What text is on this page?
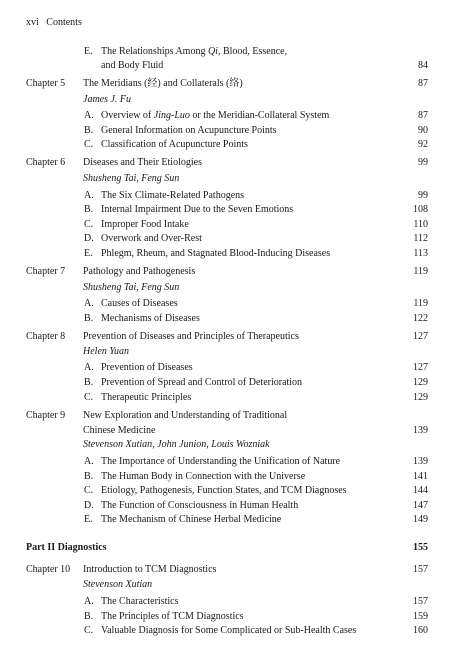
xvi Contents
E. The Relationships Among Qi, Blood, Essence,
and Body Fluid	84
Chapter 5 The Meridians (经) and Collaterals (络)	87
James J. Fu
A. Overview of Jing-Luo or the Meridian-Collateral System	87
B. General Information on Acupuncture Points	90
C. Classification of Acupuncture Points	92
Chapter 6 Diseases and Their Etiologies	99
Shusheng Tai, Feng Sun
A. The Six Climate-Related Pathogens	99
B. Internal Impairment Due to the Seven Emotions	108
C. Improper Food Intake	110
D. Overwork and Over-Rest	112
E. Phlegm, Rheum, and Stagnated Blood-Inducing Diseases	113
Chapter 7 Pathology and Pathogenesis	119
Shusheng Tai, Feng Sun
A. Causes of Diseases	119
B. Mechanisms of Diseases	122
Chapter 8 Prevention of Diseases and Principles of Therapeutics	127
Helen Yuan
A. Prevention of Diseases	127
B. Prevention of Spread and Control of Deterioration	129
C. Therapeutic Principles	129
Chapter 9 New Exploration and Understanding of Traditional
Chinese Medicine	139
Stevenson Xutian, John Junion, Louis Wozniak
A. The Importance of Understanding the Unification of Nature	139
B. The Human Body in Connection with the Universe	141
C. Etiology, Pathogenesis, Function States, and TCM Diagnoses	144
D. The Function of Consciousness in Human Health	147
E. The Mechanism of Chinese Herbal Medicine	149
Part II Diagnostics	155
Chapter 10 Introduction to TCM Diagnostics	157
Stevenson Xutian
A. The Characteristics	157
B. The Principles of TCM Diagnostics	159
C. Valuable Diagnosis for Some Complicated or Sub-Health Cases	160
